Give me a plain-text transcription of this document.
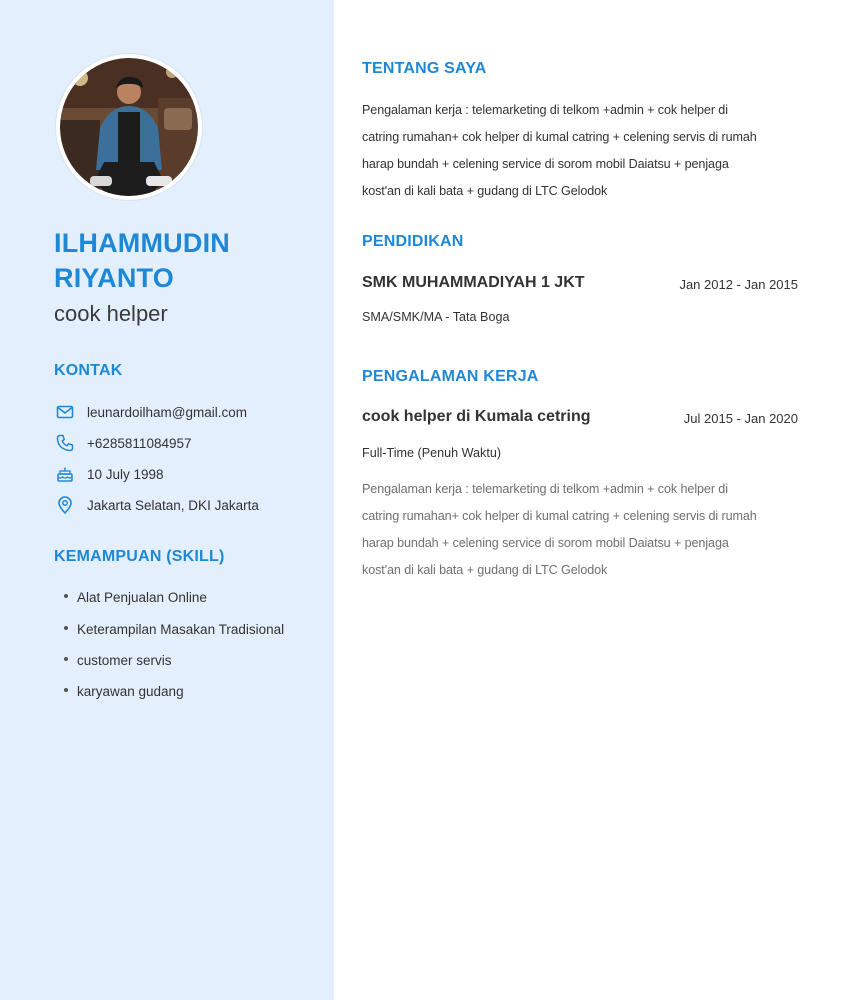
ILHAMMUDIN
RIYANTO
cook helper
KONTAK
leunardoilham@gmail.com
+6285811084957
10 July 1998
Jakarta Selatan, DKI Jakarta
KEMAMPUAN (SKILL)
Alat Penjualan Online
Keterampilan Masakan Tradisional
customer servis
karyawan gudang
TENTANG SAYA
Pengalaman kerja : telemarketing di telkom +admin + cok helper di
catring rumahan+ cok helper di kumal catring + celening servis di rumah
harap bundah + celening service di sorom mobil Daiatsu + penjaga
kost'an di kali bata + gudang di LTC Gelodok
PENDIDIKAN
SMK MUHAMMADIYAH 1 JKT	Jan 2012 - Jan 2015
SMA/SMK/MA - Tata Boga
PENGALAMAN KERJA
cook helper di Kumala cetring	Jul 2015 - Jan 2020
Full-Time (Penuh Waktu)
Pengalaman kerja : telemarketing di telkom +admin + cok helper di
catring rumahan+ cok helper di kumal catring + celening servis di rumah
harap bundah + celening service di sorom mobil Daiatsu + penjaga
kost'an di kali bata + gudang di LTC Gelodok
